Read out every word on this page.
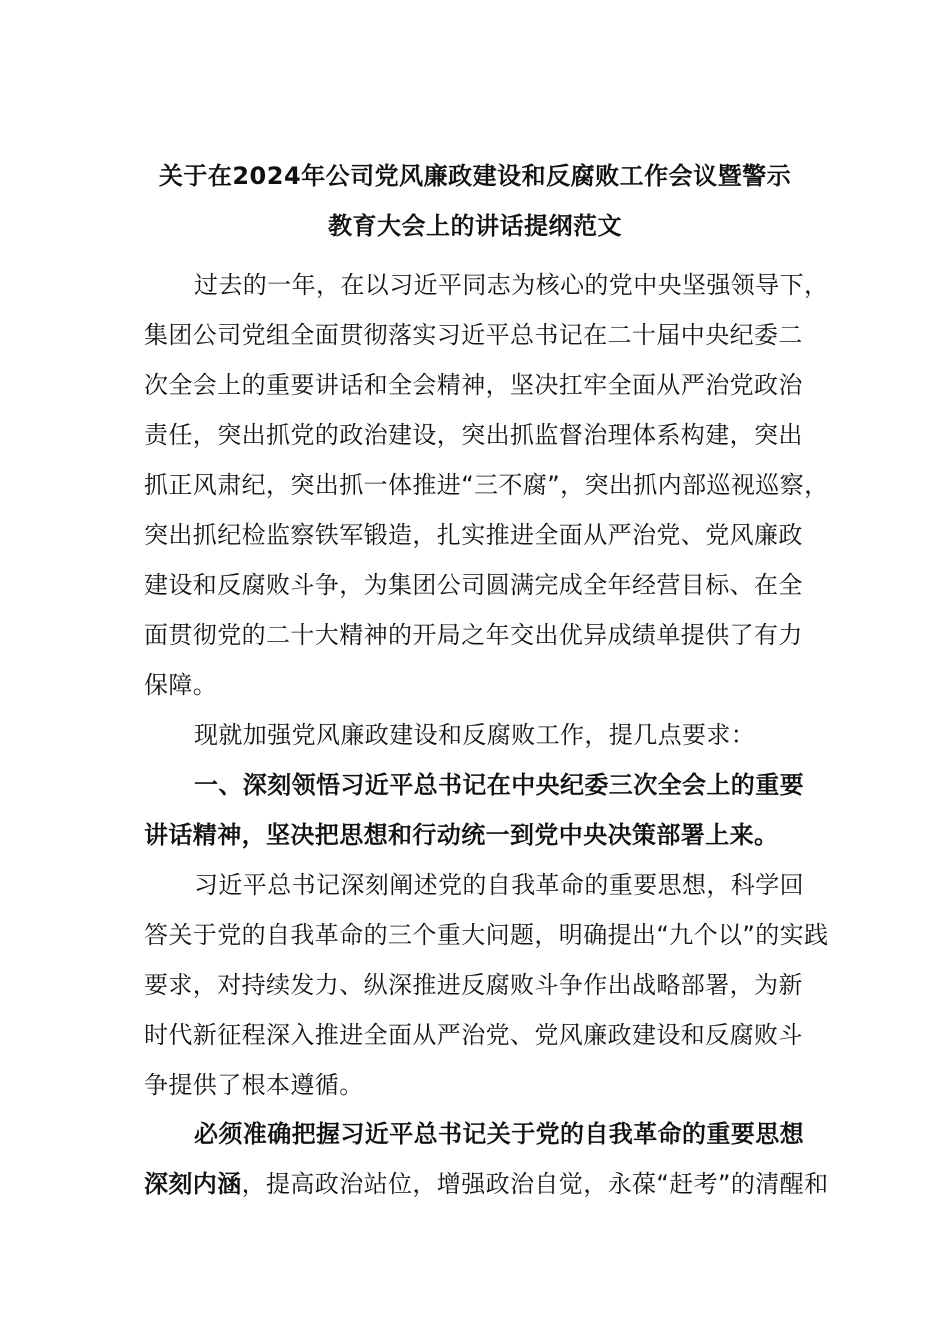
关于在2024年公司党风廉政建设和反腐败工作会议暨警示
教育大会上的讲话提纲范文
过去的一年，在以习近平同志为核心的党中央坚强领导下，
集团公司党组全面贯彻落实习近平总书记在二十届中央纪委二
次全会上的重要讲话和全会精神，坚决扛牢全面从严治党政治
责任，突出抓党的政治建设，突出抓监督治理体系构建，突出
抓正风肃纪，突出抓一体推进“三不腐”，突出抓内部巡视巡察，
突出抓纪检监察铁军锻造，扎实推进全面从严治党、党风廉政
建设和反腐败斗争，为集团公司圆满完成全年经营目标、在全
面贯彻党的二十大精神的开局之年交出优异成绩单提供了有力
保障。
现就加强党风廉政建设和反腐败工作，提几点要求：
一、深刻领悟习近平总书记在中央纪委三次全会上的重要
讲话精神，坚决把思想和行动统一到党中央决策部署上来。
习近平总书记深刻阐述党的自我革命的重要思想，科学回
答关于党的自我革命的三个重大问题，明确提出“九个以”的实践
要求，对持续发力、纵深推进反腐败斗争作出战略部署，为新
时代新征程深入推进全面从严治党、党风廉政建设和反腐败斗
争提供了根本遵循。
必须准确把握习近平总书记关于党的自我革命的重要思想
深刻内涵，提高政治站位，增强政治自觉，永葆“赶考”的清醒和
